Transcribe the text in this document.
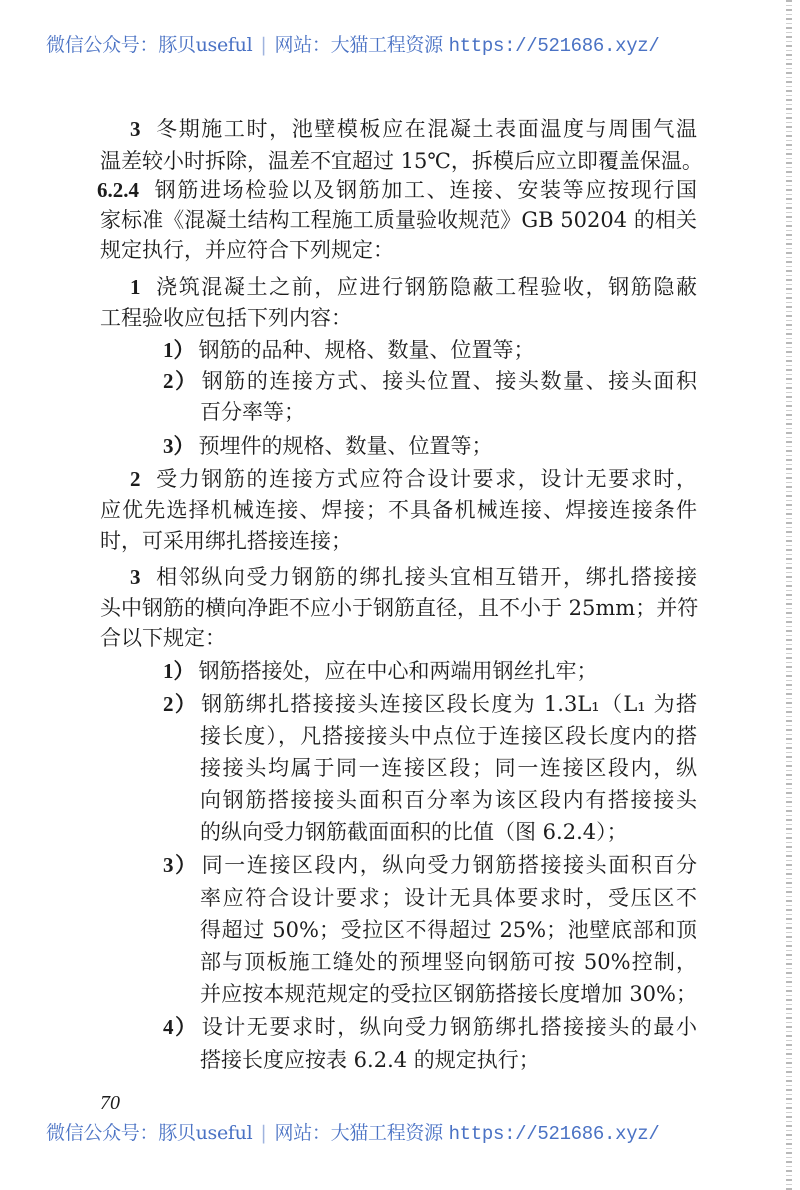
微信公众号：豚贝useful | 网站：大猫工程资源 https://521686.xyz/
3 冬期施工时，池壁模板应在混凝土表面温度与周围气温
温差较小时拆除，温差不宜超过 15℃，拆模后应立即覆盖保温。
6.2.4 钢筋进场检验以及钢筋加工、连接、安装等应按现行国
家标准《混凝土结构工程施工质量验收规范》GB 50204 的相关
规定执行，并应符合下列规定：
1 浇筑混凝土之前，应进行钢筋隐蔽工程验收，钢筋隐蔽
工程验收应包括下列内容：
1） 钢筋的品种、规格、数量、位置等；
2） 钢筋的连接方式、接头位置、接头数量、接头面积
百分率等；
3） 预埋件的规格、数量、位置等；
2 受力钢筋的连接方式应符合设计要求，设计无要求时，
应优先选择机械连接、焊接；不具备机械连接、焊接连接条件
时，可采用绑扎搭接连接；
3 相邻纵向受力钢筋的绑扎接头宜相互错开，绑扎搭接接
头中钢筋的横向净距不应小于钢筋直径，且不小于 25mm；并符
合以下规定：
1） 钢筋搭接处，应在中心和两端用钢丝扎牢；
2） 钢筋绑扎搭接接头连接区段长度为 1.3L₁（L₁ 为搭
接长度），凡搭接接头中点位于连接区段长度内的搭
接接头均属于同一连接区段；同一连接区段内，纵
向钢筋搭接接头面积百分率为该区段内有搭接接头
的纵向受力钢筋截面面积的比值（图 6.2.4）；
3） 同一连接区段内，纵向受力钢筋搭接接头面积百分
率应符合设计要求；设计无具体要求时，受压区不
得超过 50%；受拉区不得超过 25%；池壁底部和顶
部与顶板施工缝处的预埋竖向钢筋可按 50%控制，
并应按本规范规定的受拉区钢筋搭接长度增加 30%；
4） 设计无要求时，纵向受力钢筋绑扎搭接接头的最小
搭接长度应按表 6.2.4 的规定执行；
70
微信公众号：豚贝useful | 网站：大猫工程资源 https://521686.xyz/
